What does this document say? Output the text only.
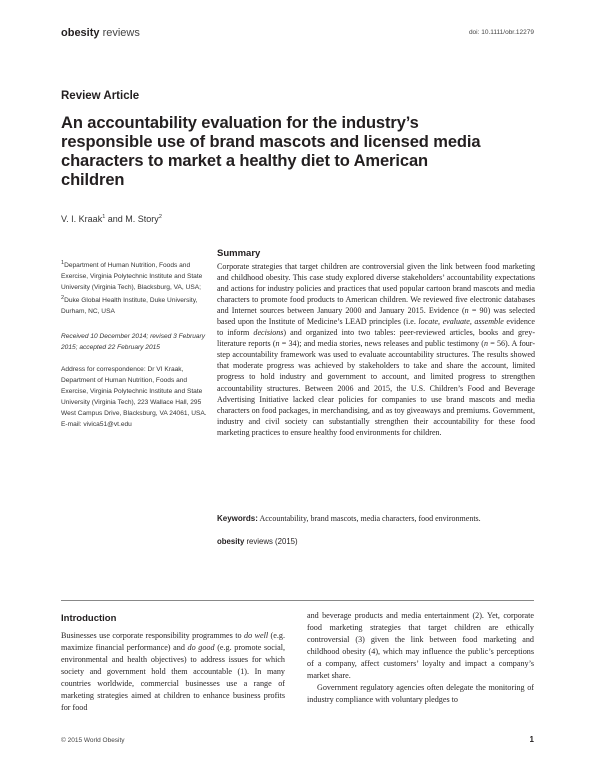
obesity reviews	doi: 10.1111/obr.12279
Review Article
An accountability evaluation for the industry’s responsible use of brand mascots and licensed media characters to market a healthy diet to American children
V. I. Kraak$^1$ and M. Story$^2$
$^1$Department of Human Nutrition, Foods and Exercise, Virginia Polytechnic Institute and State University (Virginia Tech), Blacksburg, VA, USA; $^2$Duke Global Health Institute, Duke University, Durham, NC, USA
Received 10 December 2014; revised 3 February 2015; accepted 22 February 2015
Address for correspondence: Dr VI Kraak, Department of Human Nutrition, Foods and Exercise, Virginia Polytechnic Institute and State University (Virginia Tech), 223 Wallace Hall, 295 West Campus Drive, Blacksburg, VA 24061, USA.
E-mail: vivica51@vt.edu
Summary

Corporate strategies that target children are controversial given the link between food marketing and childhood obesity. This case study explored diverse stakeholders’ accountability expectations and actions for industry policies and practices that used popular cartoon brand mascots and media characters to promote food products to American children. We reviewed five electronic databases and Internet sources between January 2000 and January 2015. Evidence (n = 90) was selected based upon the Institute of Medicine’s LEAD principles (i.e. locate, evaluate, assemble evidence to inform decisions) and organized into two tables: peer-reviewed articles, books and grey-literature reports (n = 34); and media stories, news releases and public testimony (n = 56). A four-step accountability framework was used to evaluate accountability structures. The results showed that moderate progress was achieved by stakeholders to take and share the account, limited progress to hold industry and government to account, and limited progress to strengthen accountability structures. Between 2006 and 2015, the U.S. Children’s Food and Beverage Advertising Initiative lacked clear policies for companies to use brand mascots and media characters on food packages, in merchandising, and as toy giveaways and premiums. Government, industry and civil society can substantially strengthen their accountability for these food marketing practices to ensure healthy food environments for children.

Keywords: Accountability, brand mascots, media characters, food environments.
obesity reviews (2015)
Introduction

Businesses use corporate responsibility programmes to do well (e.g. maximize financial performance) and do good (e.g. promote social, environmental and health objectives) to address issues for which society and government hold them accountable (1). In many countries worldwide, commercial businesses use a range of marketing strategies aimed at children to enhance business profits for food

and beverage products and media entertainment (2). Yet, corporate food marketing strategies that target children are ethically controversial (3) given the link between food marketing and childhood obesity (4), which may influence the public’s perceptions of a company, affect customers’ loyalty and impact a company’s market share.
Government regulatory agencies often delegate the monitoring of industry compliance with voluntary pledges to
© 2015 World Obesity	1
